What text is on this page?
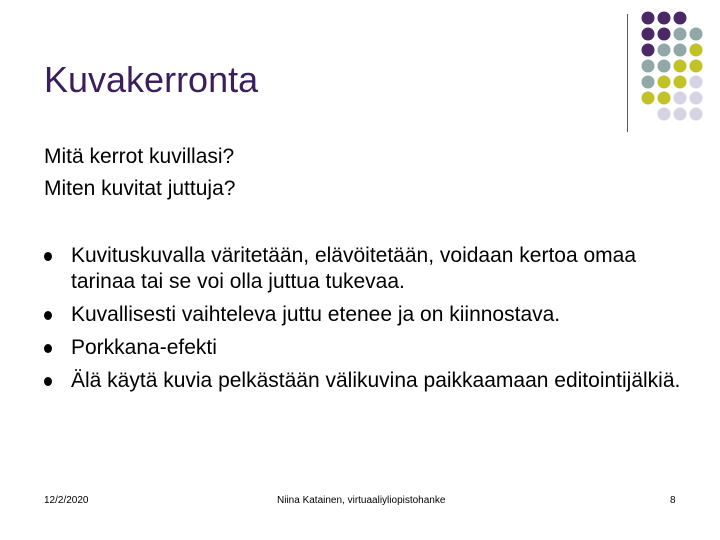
Kuvakerronta
Mitä kerrot kuvillasi?
Miten kuvitat juttuja?
Kuvituskuvalla väritetään, elävöitetään, voidaan kertoa omaa tarinaa tai se voi olla juttua tukevaa.
Kuvallisesti vaihteleva juttu etenee ja on kiinnostava.
Porkkana-efekti
Älä käytä kuvia pelkästään välikuvina paikkaamaan editointijälkiä.
12/2/2020	Niina Katainen, virtuaaliyliopistohanke	8
